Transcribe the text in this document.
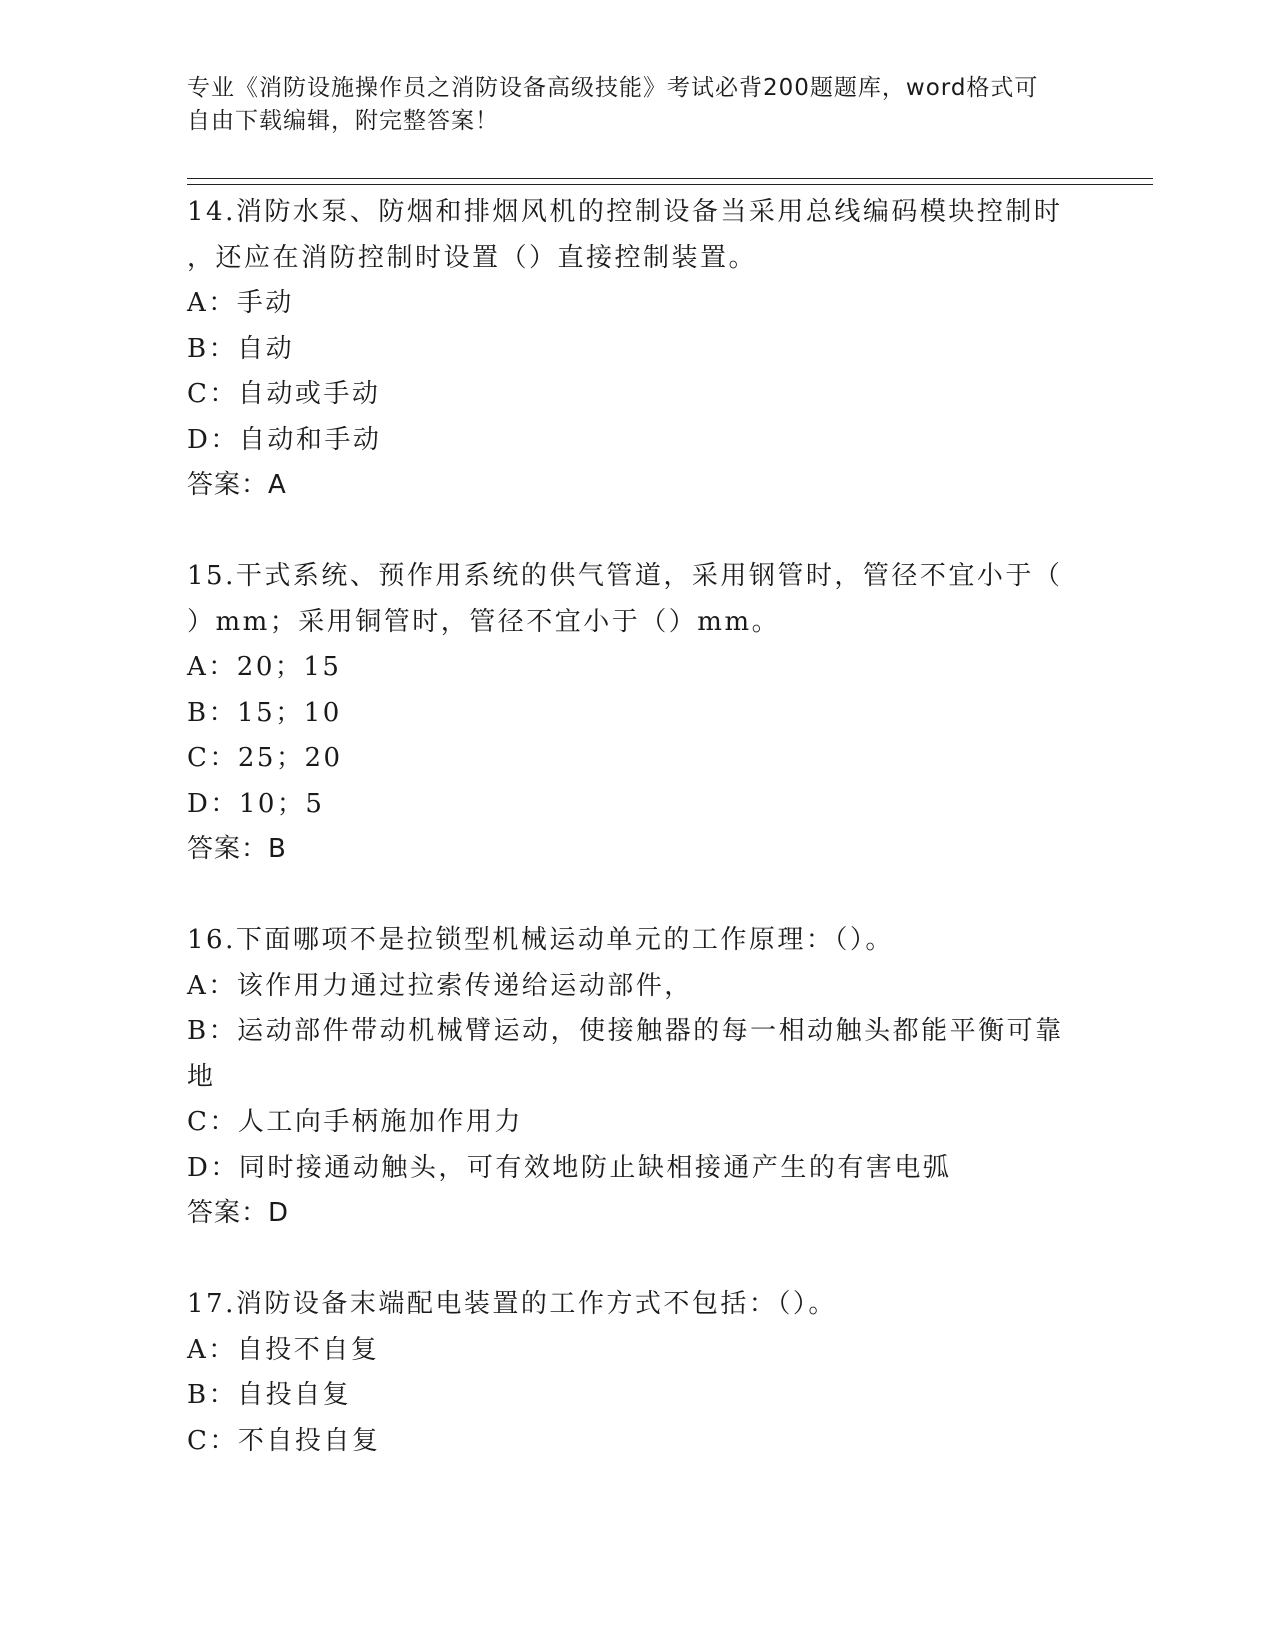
专业《消防设施操作员之消防设备高级技能》考试必背200题题库，word格式可
自由下载编辑，附完整答案！
14.消防水泵、防烟和排烟风机的控制设备当采用总线编码模块控制时
，还应在消防控制时设置（）直接控制装置。
A：手动
B：自动
C：自动或手动
D：自动和手动
答案：A
15.干式系统、预作用系统的供气管道，采用钢管时，管径不宜小于（
）mm；采用铜管时，管径不宜小于（）mm。
A：20；15
B：15；10
C：25；20
D：10；5
答案：B
16.下面哪项不是拉锁型机械运动单元的工作原理：（）。
A：该作用力通过拉索传递给运动部件，
B：运动部件带动机械臂运动，使接触器的每一相动触头都能平衡可靠
地
C：人工向手柄施加作用力
D：同时接通动触头，可有效地防止缺相接通产生的有害电弧
答案：D
17.消防设备末端配电装置的工作方式不包括：（）。
A：自投不自复
B：自投自复
C：不自投自复
